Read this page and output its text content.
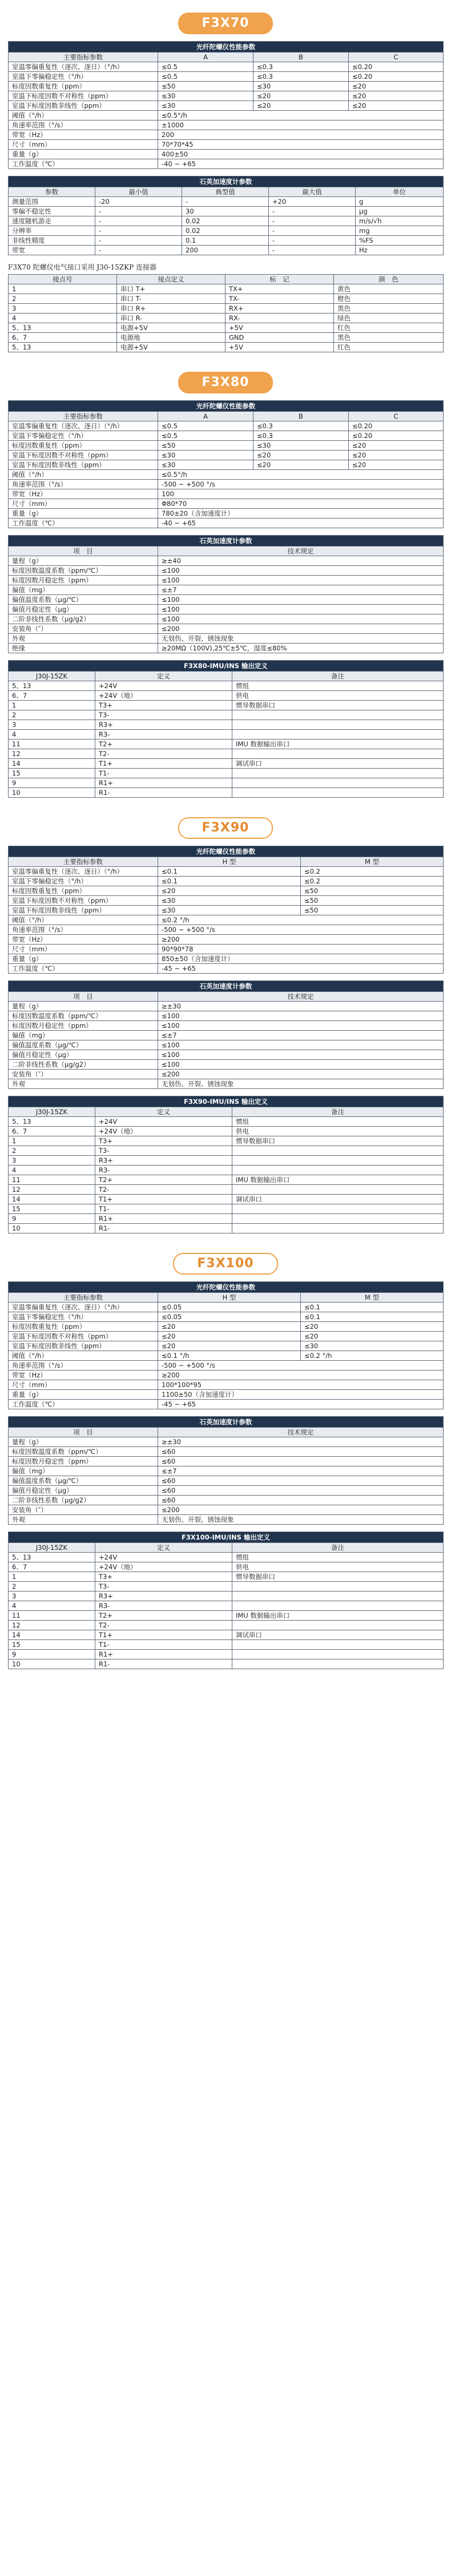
F3X70
光纤陀螺仪性能参数			
主要指标参数	A	B	C
室温零偏重复性（逐次、逐日）（°/h）	≤0.5	≤0.3	≤0.20
室温下零偏稳定性（°/h）	≤0.5	≤0.3	≤0.20
标度因数重复性（ppm）	≤50	≤30	≤20
室温下标度因数不对称性（ppm）	≤30	≤20	≤20
室温下标度因数非线性（ppm）	≤30	≤20	≤20
阈值（°/h）	≤0.5°/h		
角速率范围（°/s）	±1000		
带宽（Hz）	200		
尺寸（mm）	70*70*45		
重量（g）	400±50		
工作温度（℃）	-40 ~ +65		
石英加速度计参数				
参数	最小值	典型值	最大值	单位
测量范围	-20	-	+20	g
零偏不稳定性	-	30	-	μg
速度随机游走	-	0.02	-	m/s/√h
分辨率	-	0.02	-	mg
非线性精度	-	0.1	-	%FS
带宽	-	200	-	Hz
F3X70 陀螺仪电气接口采用 J30-15ZKP 连接器
接点号	接点定义	标　记	颜　色
1	串口 T+	TX+	黄色
2	串口 T-	TX-	橙色
3	串口 R+	RX+	黑色
4	串口 R-	RX-	绿色
5、13	电源+5V	+5V	红色
6、7	电源地	GND	黑色
5、13	电源+5V	+5V	红色
F3X80
光纤陀螺仪性能参数			
主要指标参数	A	B	C
室温零偏重复性（逐次、逐日）（°/h）	≤0.5	≤0.3	≤0.20
室温下零偏稳定性（°/h）	≤0.5	≤0.3	≤0.20
标度因数重复性（ppm）	≤50	≤30	≤20
室温下标度因数不对称性（ppm）	≤30	≤20	≤20
室温下标度因数非线性（ppm）	≤30	≤20	≤20
阈值（°/h）	≤0.5°/h		
角速率范围（°/s）	-500 ~ +500 °/s		
带宽（Hz）	100		
尺寸（mm）	Φ80*70		
重量（g）	780±20（含加速度计）		
工作温度（℃）	-40 ~ +65		
石英加速度计参数	
项　目	技术规定
量程（g）	≥±40
标度因数温度系数（ppm/℃）	≤100
标度因数月稳定性（ppm）	≤100
偏值（mg）	≤±7
偏值温度系数（μg/℃）	≤100
偏值月稳定性（μg）	≤100
二阶非线性系数（μg/g2）	≤100
安装角（″）	≤200
外观	无划伤、开裂、锈蚀现象
绝缘	≥20MΩ（100V),25℃±5℃，湿度≤80%
F3X80-IMU/INS 输出定义		
J30J-15ZK	定义	备注
5、13	+24V	惯组
6、7	+24V（地）	供电
1	T3+	惯导数据串口
2	T3-	
3	R3+	
4	R3-	
11	T2+	IMU 数据输出串口
12	T2-	
14	T1+	调试串口
15	T1-	
9	R1+	
10	R1-	
F3X90
光纤陀螺仪性能参数		
主要指标参数	H 型	M 型
室温零偏重复性（逐次、逐日）（°/h）	≤0.1	≤0.2
室温下零偏稳定性（°/h）	≤0.1	≤0.2
标度因数重复性（ppm）	≤20	≤50
室温下标度因数不对称性（ppm）	≤30	≤50
室温下标度因数非线性（ppm）	≤30	≤50
阈值（°/h）	≤0.2 °/h	
角速率范围（°/s）	-500 ~ +500 °/s	
带宽（Hz）	≥200	
尺寸（mm）	90*90*78	
重量（g）	850±50（含加速度计）	
工作温度（℃）	-45 ~ +65	
石英加速度计参数	
项　目	技术规定
量程（g）	≥±30
标度因数温度系数（ppm/℃）	≤100
标度因数月稳定性（ppm）	≤100
偏值（mg）	≤±7
偏值温度系数（μg/℃）	≤100
偏值月稳定性（μg）	≤100
二阶非线性系数（μg/g2）	≤100
安装角（″）	≤200
外观	无划伤、开裂、锈蚀现象
F3X90-IMU/INS 输出定义		
J30J-15ZK	定义	备注
5、13	+24V	惯组
6、7	+24V（地）	供电
1	T3+	惯导数据串口
2	T3-	
3	R3+	
4	R3-	
11	T2+	IMU 数据输出串口
12	T2-	
14	T1+	调试串口
15	T1-	
9	R1+	
10	R1-	
F3X100
光纤陀螺仪性能参数		
主要指标参数	H 型	M 型
室温零偏重复性（逐次、逐日）（°/h）	≤0.05	≤0.1
室温下零偏稳定性（°/h）	≤0.05	≤0.1
标度因数重复性（ppm）	≤20	≤20
室温下标度因数不对称性（ppm）	≤20	≤20
室温下标度因数非线性（ppm）	≤20	≤30
阈值（°/h）	≤0.1 °/h	≤0.2 °/h
角速率范围（°/s）	-500 ~ +500 °/s	
带宽（Hz）	≥200	
尺寸（mm）	100*100*95	
重量（g）	1100±50（含加速度计）	
工作温度（℃）	-45 ~ +65	
石英加速度计参数	
项　目	技术规定
量程（g）	≥±30
标度因数温度系数（ppm/℃）	≤60
标度因数月稳定性（ppm）	≤60
偏值（mg）	≤±7
偏值温度系数（μg/℃）	≤60
偏值月稳定性（μg）	≤60
二阶非线性系数（μg/g2）	≤60
安装角（″）	≤200
外观	无划伤、开裂、锈蚀现象
F3X100-IMU/INS 输出定义		
J30J-15ZK	定义	备注
5、13	+24V	惯组
6、7	+24V（地）	供电
1	T3+	惯导数据串口
2	T3-	
3	R3+	
4	R3-	
11	T2+	IMU 数据输出串口
12	T2-	
14	T1+	调试串口
15	T1-	
9	R1+	
10	R1-	
